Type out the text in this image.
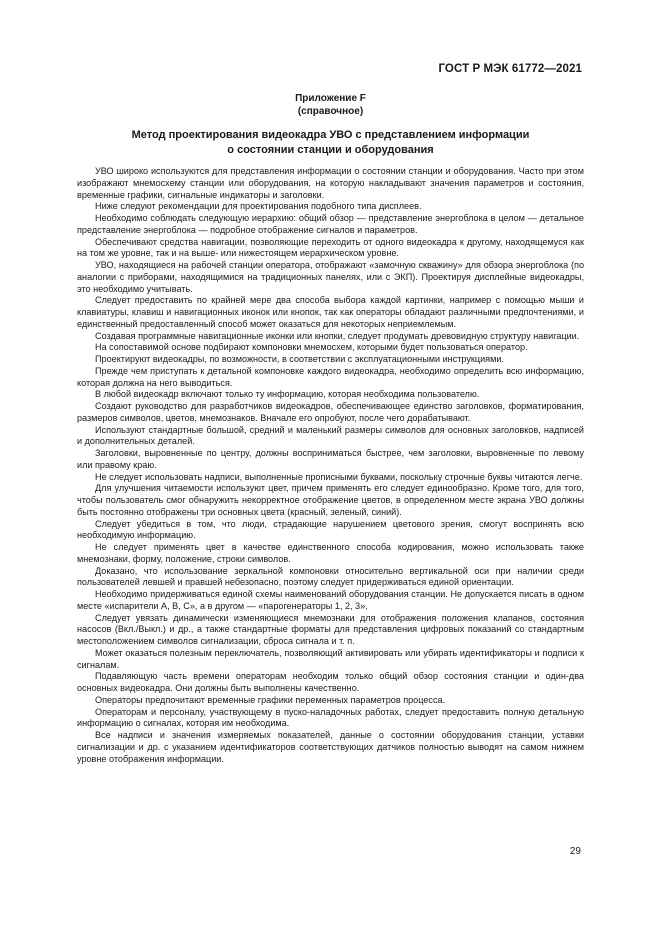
ГОСТ Р МЭК 61772—2021
Приложение F
(справочное)
Метод проектирования видеокадра УВО с представлением информации
о состоянии станции и оборудования

УВО широко используются для представления информации о состоянии станции и оборудования. Часто при этом изображают мнемосхему станции или оборудования, на которую накладывают значения параметров и состояния, временные графики, сигнальные индикаторы и заголовки.

Ниже следуют рекомендации для проектирования подобного типа дисплеев.

Необходимо соблюдать следующую иерархию: общий обзор — представление энергоблока в целом — детальное представление энергоблока — подробное отображение сигналов и параметров.

Обеспечивают средства навигации, позволяющие переходить от одного видеокадра к другому, находящемуся как на том же уровне, так и на выше- или нижестоящем иерархическом уровне.

УВО, находящиеся на рабочей станции оператора, отображают «замочную скважину» для обзора энергоблока (по аналогии с приборами, находящимися на традиционных панелях, или с ЭКП). Проектируя дисплейные видеокадры, это необходимо учитывать.

Следует предоставить по крайней мере два способа выбора каждой картинки, например с помощью мыши и клавиатуры, клавиш и навигационных иконок или кнопок, так как операторы обладают различными предпочтениями, и единственный предоставленный способ может оказаться для некоторых неприемлемым.

Создавая программные навигационные иконки или кнопки, следует продумать древовидную структуру навигации.

На сопоставимой основе подбирают компоновки мнемосхем, которыми будет пользоваться оператор.

Проектируют видеокадры, по возможности, в соответствии с эксплуатационными инструкциями.

Прежде чем приступать к детальной компоновке каждого видеокадра, необходимо определить всю информацию, которая должна на него выводиться.

В любой видеокадр включают только ту информацию, которая необходима пользователю.

Создают руководство для разработчиков видеокадров, обеспечивающее единство заголовков, форматирования, размеров символов, цветов, мнемознаков. Вначале его опробуют, после чего дорабатывают.

Используют стандартные большой, средний и маленький размеры символов для основных заголовков, надписей и дополнительных деталей.

Заголовки, выровненные по центру, должны восприниматься быстрее, чем заголовки, выровненные по левому или правому краю.

Не следует использовать надписи, выполненные прописными буквами, поскольку строчные буквы читаются легче.

Для улучшения читаемости используют цвет, причем применять его следует единообразно. Кроме того, для того, чтобы пользователь смог обнаружить некорректное отображение цветов, в определенном месте экрана УВО должны быть постоянно отображены три основных цвета (красный, зеленый, синий).

Следует убедиться в том, что люди, страдающие нарушением цветового зрения, смогут воспринять всю необходимую информацию.

Не следует применять цвет в качестве единственного способа кодирования, можно использовать также мнемознаки, форму, положение, строки символов.

Доказано, что использование зеркальной компоновки относительно вертикальной оси при наличии среди пользователей левшей и правшей небезопасно, поэтому следует придерживаться единой ориентации.

Необходимо придерживаться единой схемы наименований оборудования станции. Не допускается писать в одном месте «испарители А, В, С», а в другом — «парогенераторы 1, 2, 3».

Следует увязать динамически изменяющиеся мнемознаки для отображения положения клапанов, состояния насосов (Вкл./Выкл.) и др., а также стандартные форматы для представления цифровых показаний со стандартным местоположением символов сигнализации, сброса сигнала и т. п.

Может оказаться полезным переключатель, позволяющий активировать или убирать идентификаторы и подписи к сигналам.

Подавляющую часть времени операторам необходим только общий обзор состояния станции и один-два основных видеокадра. Они должны быть выполнены качественно.

Операторы предпочитают временные графики переменных параметров процесса.

Операторам и персоналу, участвующему в пуско-наладочных работах, следует предоставить полную детальную информацию о сигналах, которая им необходима.

Все надписи и значения измеряемых показателей, данные о состоянии оборудования станции, уставки сигнализации и др. с указанием идентификаторов соответствующих датчиков полностью выводят на самом нижнем уровне отображения информации.

29
